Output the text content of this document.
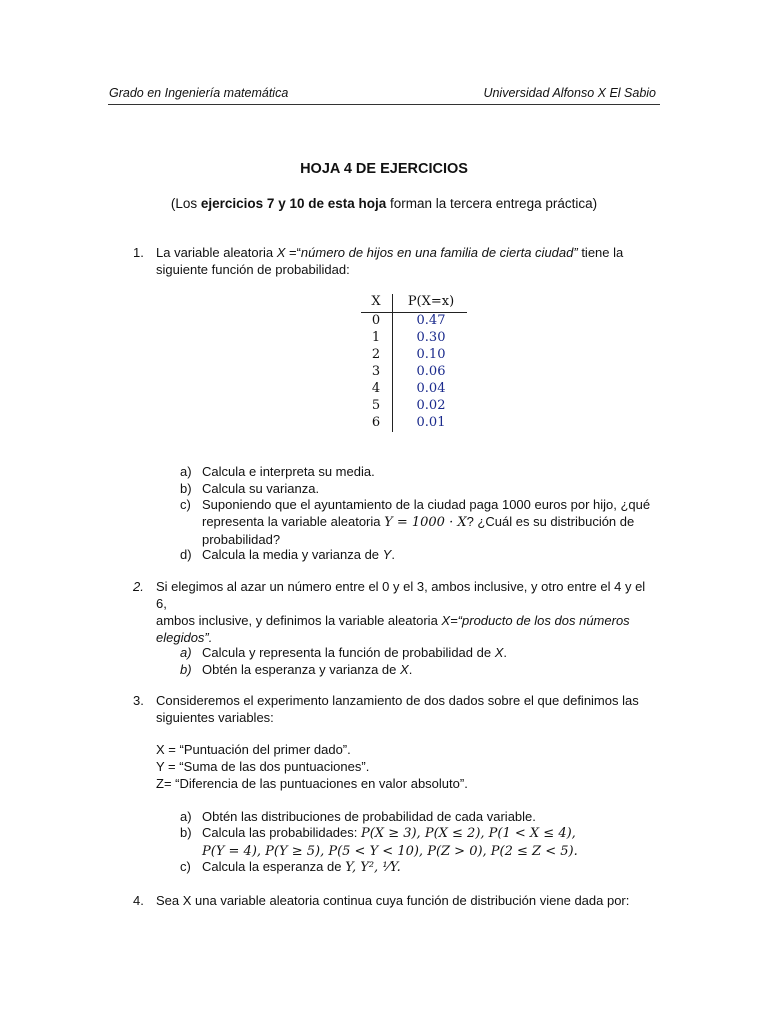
Grado en Ingeniería matemática	Universidad Alfonso X El Sabio
HOJA 4 DE EJERCICIOS
(Los ejercicios 7 y 10 de esta hoja forman la tercera entrega práctica)
1. La variable aleatoria X =“número de hijos en una familia de cierta ciudad” tiene la
siguiente función de probabilidad:
X	P(X=x)
0	0.47
1	0.30
2	0.10
3	0.06
4	0.04
5	0.02
6	0.01
a) Calcula e interpreta su media.
b) Calcula su varianza.
c) Suponiendo que el ayuntamiento de la ciudad paga 1000 euros por hijo, ¿qué
representa la variable aleatoria Y = 1000 · X? ¿Cuál es su distribución de
probabilidad?
d) Calcula la media y varianza de Y.
2. Si elegimos al azar un número entre el 0 y el 3, ambos inclusive, y otro entre el 4 y el 6,
ambos inclusive, y definimos la variable aleatoria X=“producto de los dos números
elegidos”.
a) Calcula y representa la función de probabilidad de X.
b) Obtén la esperanza y varianza de X.
3. Consideremos el experimento lanzamiento de dos dados sobre el que definimos las
siguientes variables:
X = “Puntuación del primer dado”.
Y = “Suma de las dos puntuaciones”.
Z= “Diferencia de las puntuaciones en valor absoluto”.
a) Obtén las distribuciones de probabilidad de cada variable.
b) Calcula las probabilidades: P(X ≥ 3), P(X ≤ 2), P(1 < X ≤ 4),
P(Y = 4), P(Y ≥ 5), P(5 < Y < 10), P(Z > 0), P(2 ≤ Z < 5).
c) Calcula la esperanza de Y, Y², ¹⁄Y.
4. Sea X una variable aleatoria continua cuya función de distribución viene dada por:
